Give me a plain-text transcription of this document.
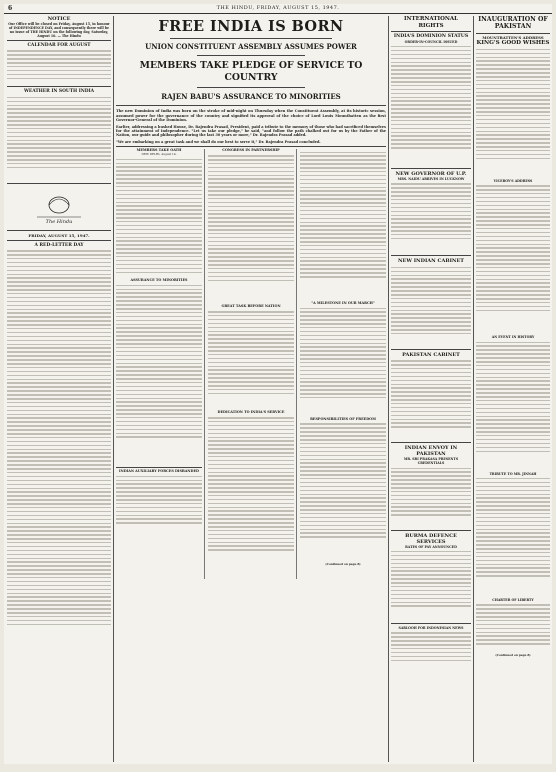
6	THE HINDU, FRIDAY, AUGUST 15, 1947.
NOTICE
Our Office will be closed on Friday, August 15, in honour of INDEPENDENCE DAY, and consequently there will be no issue of THE HINDU on the following day, Saturday, August 16. — The Hindu
CALENDAR FOR AUGUST
WEATHER IN SOUTH INDIA
The Hindu
FRIDAY, AUGUST 15, 1947.
A RED-LETTER DAY
FREE INDIA IS BORN
UNION CONSTITUENT ASSEMBLY ASSUMES POWER
MEMBERS TAKE PLEDGE OF SERVICE TO COUNTRY
RAJEN BABU'S ASSURANCE TO MINORITIES
The new Dominion of India was born on the stroke of mid-night on Thursday when the Constituent Assembly, at its historic session, assumed power for the governance of the country and signified its approval of the choice of Lord Louis Mountbatten as the first Governor-General of the Dominion.
Earlier, addressing a hushed House, Dr. Rajendra Prasad, President, paid a tribute to the memory of those who had sacrificed themselves for the attainment of Independence. "Let us take our pledge," he said, "and follow the path chalked out for us by the Father of the Nation, our guide and philosopher during the last 30 years or more," Dr. Rajendra Prasad added.
"We are embarking on a great task and we shall do our best to serve it," Dr. Rajendra Prasad concluded.
MEMBERS TAKE OATH
NEW DELHI, August 14.
ASSURANCE TO MINORITIES
INDIAN AUXILIARY FORCES DISBANDED
CONGRESS IN PARTNERSHIP
GREAT TASK BEFORE NATION
DEDICATION TO INDIA'S SERVICE
"A MILESTONE IN OUR MARCH"
RESPONSIBILITIES OF FREEDOM
(Continued on page 8)
INTERNATIONAL RIGHTS
INDIA'S DOMINION STATUS
ORDER-IN-COUNCIL ISSUED
NEW GOVERNOR OF U.P.
MRS. NAIDU ARRIVES IN LUCKNOW
NEW INDIAN CABINET
PAKISTAN CABINET
INDIAN ENVOY IN PAKISTAN
MR. SRI PRAKASA PRESENTS CREDENTIALS
BURMA DEFENCE SERVICES
RATES OF PAY ANNOUNCED
SARLOOH FOR INDONESIAN NEWS
INAUGURATION OF PAKISTAN
MOUNTBATTEN'S ADDRESS
KING'S GOOD WISHES
VICEROY'S ADDRESS
AN EVENT IN HISTORY
TRIBUTE TO MR. JINNAH
CHARTER OF LIBERTY
(Continued on page 8)
